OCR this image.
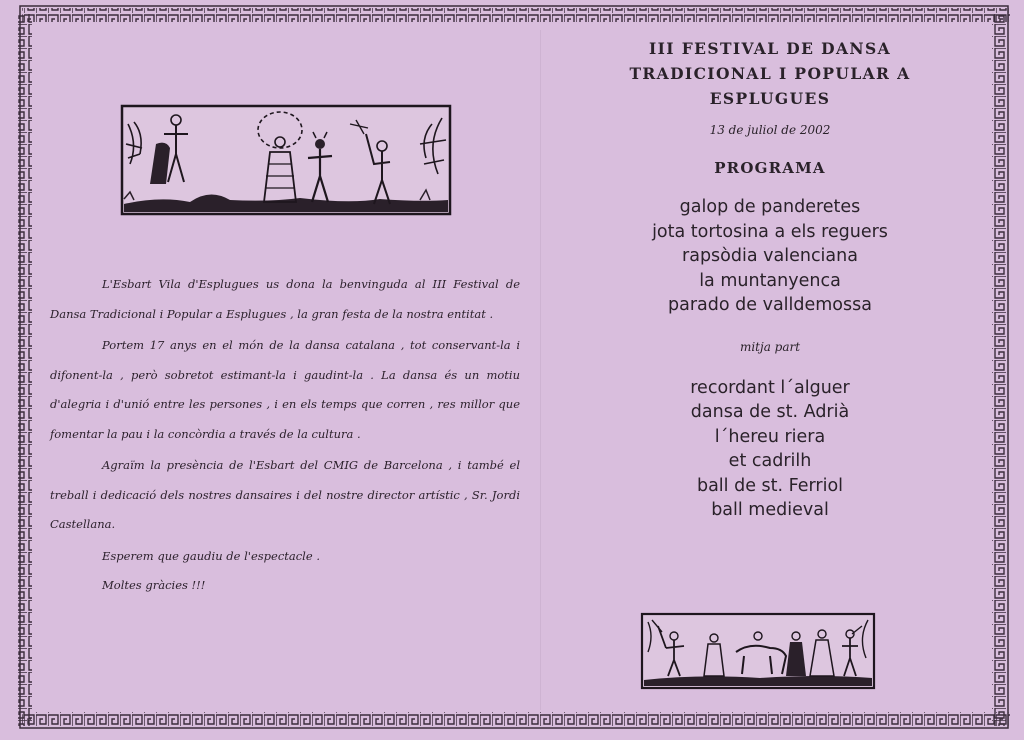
L'Esbart Vila d'Esplugues us dona la benvinguda al III Festival de Dansa Tradicional i Popular a Esplugues , la gran festa de la nostra entitat .

Portem 17 anys en el món de la dansa catalana , tot conservant-la i difonent-la , però sobretot estimant-la i gaudint-la . La dansa és un motiu d'alegria i d'unió entre les persones , i en els temps que corren , res millor que fomentar la pau i la concòrdia a través de la cultura .

Agraïm la presència de l'Esbart del CMIG de Barcelona , i també el treball i dedicació dels nostres dansaires i del nostre director artístic , Sr. Jordi Castellana.

Esperem que gaudiu de l'espectacle .

Moltes gràcies !!!

III FESTIVAL DE DANSA
TRADICIONAL I POPULAR A
ESPLUGUES
13 de juliol de 2002
PROGRAMA
galop de panderetes
jota tortosina a els reguers
rapsòdia valenciana
la muntanyenca
parado de valldemossa
mitja part
recordant l´alguer
dansa de st. Adrià
l´hereu riera
et cadrilh
ball de st. Ferriol
ball medieval
